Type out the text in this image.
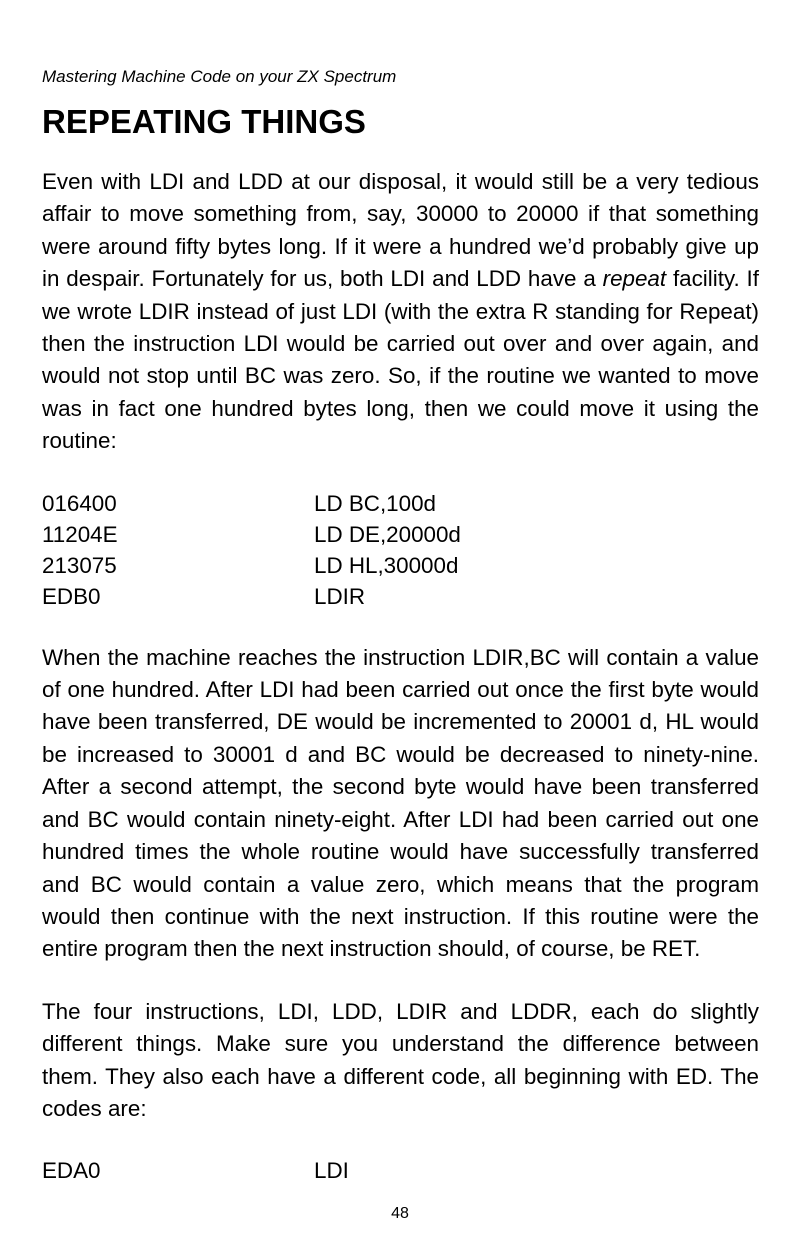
Mastering Machine Code on your ZX Spectrum
REPEATING THINGS

Even with LDI and LDD at our disposal, it would still be a very tedious affair to move something from, say, 30000 to 20000 if that something were around fifty bytes long. If it were a hundred we’d probably give up in despair. Fortunately for us, both LDI and LDD have a repeat facility. If we wrote LDIR instead of just LDI (with the extra R standing for Repeat) then the instruction LDI would be carried out over and over again, and would not stop until BC was zero. So, if the routine we wanted to move was in fact one hundred bytes long, then we could move it using the routine:

016400	LD BC,100d
11204E	LD DE,20000d
213075	LD HL,30000d
EDB0	LDIR

When the machine reaches the instruction LDIR,BC will contain a value of one hundred. After LDI had been carried out once the first byte would have been transferred, DE would be incremented to 20001 d, HL would be increased to 30001 d and BC would be decreased to ninety-nine. After a second attempt, the second byte would have been transferred and BC would contain ninety-eight. After LDI had been carried out one hundred times the whole routine would have successfully transferred and BC would contain a value zero, which means that the program would then continue with the next instruction. If this routine were the entire program then the next instruction should, of course, be RET.

The four instructions, LDI, LDD, LDIR and LDDR, each do slightly different things. Make sure you understand the difference between them. They also each have a different code, all beginning with ED. The codes are:

EDA0	LDI
48
